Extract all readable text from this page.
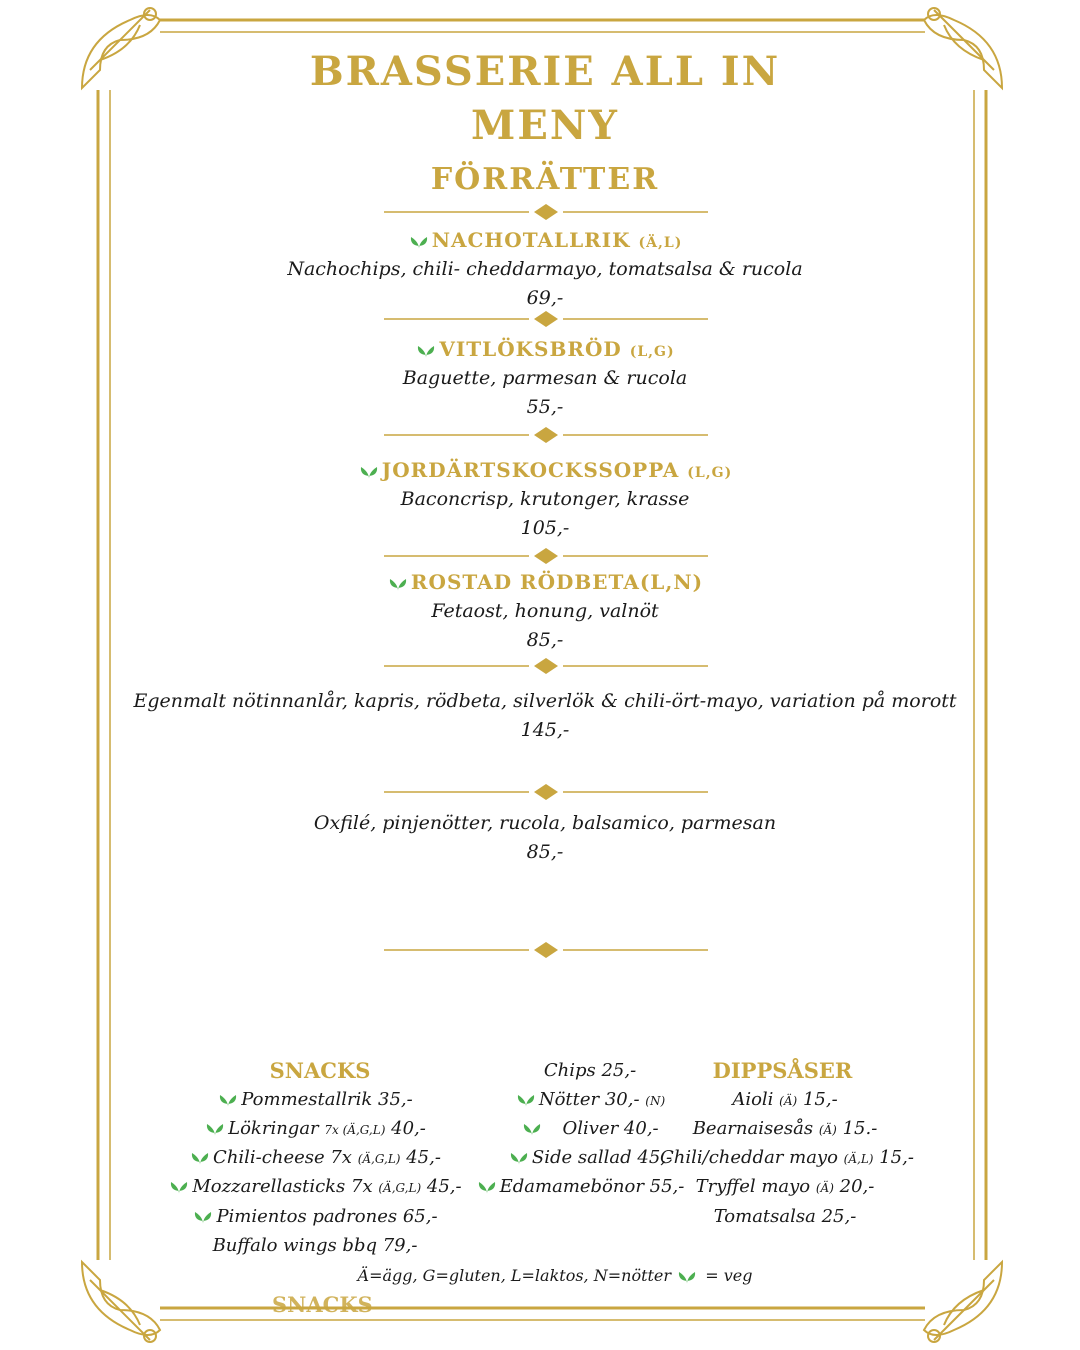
BRASSERIE ALL IN
MENY
FÖRRÄTTER
NACHOTALLRIK (Ä,L)
Nachochips, chili- cheddarmayo, tomatsalsa & rucola
69,-
VITLÖKSBRÖD (L,G)
Baguette, parmesan & rucola
55,-
JORDÄRTSKOCKSSOPPA (L,G)
Baconcrisp, krutonger, krasse
105,-
ROSTAD RÖDBETA(L,N)
Fetaost, honung, valnöt
85,-
Egenmalt nötinnanlår, kapris, rödbeta, silverlök & chili-ört-mayo, variation på morott
145,-
Oxfilé, pinjenötter, rucola, balsamico, parmesan
85,-
SNACKS
Pommestallrik 35,-
Lökringar 7x (Ä,G,L) 40,-
Chili-cheese 7x (Ä,G,L) 45,-
Mozzarellasticks 7x (Ä,G,L) 45,-
Pimientos padrones 65,-
Buffalo wings bbq 79,-
Chips 25,-
Nötter 30,- (N)
Oliver 40,-
Side sallad 45,-
Edamamebönor 55,-
DIPPSÅSER
Aioli (Ä) 15,-
Bearnaisesås (Ä) 15.-
Chili/cheddar mayo (Ä,L) 15,-
Tryffel mayo (Ä) 20,-
Tomatsalsa 25,-
Ä=ägg, G=gluten, L=laktos, N=nötter = veg
SNACKS
